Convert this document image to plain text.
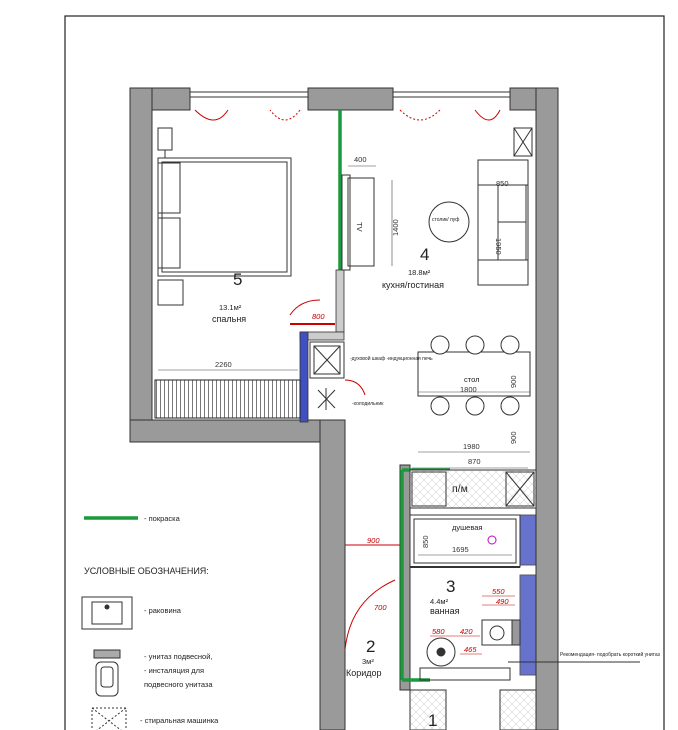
5
13.1м²
спальня
4
18.8м²
кухня/гостиная
3
4.4м²
ванная
2
3м²
Коридор
1
TV
столик/ пуф
стол
душевая
п/м
-холодильник
-духовой шкаф -индукционная печь
Рекомендация- подобрать короткий унитаз
400
1400
850
1950
800
2260
1800
900
900
1980
870
900	850
1695
700
550
490
580 420
465
- покраска
УСЛОВНЫЕ ОБОЗНАЧЕНИЯ:
- раковина
- унитаз подвесной,
- инсталяция для
подвесного унитаза
- стиральная машинка
